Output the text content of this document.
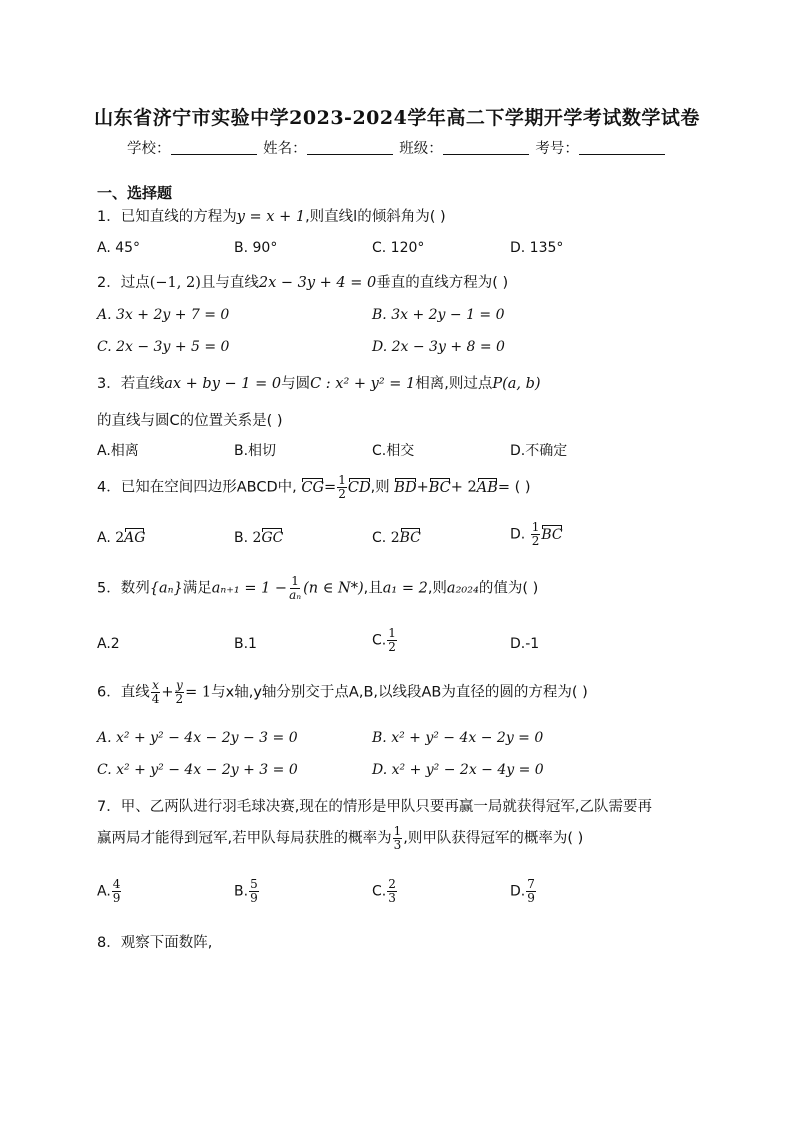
山东省济宁市实验中学2023-2024学年高二下学期开学考试数学试卷
学校：	姓名：	班级：	考号：
一、选择题
1．已知直线的方程为y = x + 1,则直线l的倾斜角为( )
A. 45°	B. 90°	C. 120°	D. 135°
2．过点(−1, 2)且与直线2x − 3y + 4 = 0垂直的直线方程为( )
A. 3x + 2y + 7 = 0	B. 3x + 2y − 1 = 0
C. 2x − 3y + 5 = 0	D. 2x − 3y + 8 = 0
3．若直线ax + by − 1 = 0与圆C : x² + y² = 1相离,则过点P(a, b)
的直线与圆C的位置关系是( )
A.相离	B.相切	C.相交	D.不确定
4．已知在空间四边形ABCD中, $CG= \frac{1}{2}$ CD,则 BD+BC+ 2AB= ( )
A. 2AG	B. 2GC	C. 2BC	D. $\frac{1}{2}$ BC
5．数列{aₙ}满足$a_{n+1} = 1 - \frac{1}{\text{aₙ}} (n$ ∈ N*),且a₁ = 2,则a₂₀₂₄的值为( )
A.2	B.1	C. $\frac{1}{2}$	D.-1
6．直线 $\frac{x}{4} + \frac{y}{2} = 1$与x轴,y轴分别交于点A,B,以线段AB为直径的圆的方程为( )
A. x² + y² − 4x − 2y − 3 = 0	B. x² + y² − 4x − 2y = 0
C. x² + y² − 4x − 2y + 3 = 0	D. x² + y² − 2x − 4y = 0
7．甲、乙两队进行羽毛球决赛,现在的情形是甲队只要再赢一局就获得冠军,乙队需要再
赢两局才能得到冠军,若甲队每局获胜的概率为 $\frac{1}{3}$ ,则甲队获得冠军的概率为( )
A. $\frac{4}{9}$	B. $\frac{5}{9}$	C. $\frac{2}{3}$	D. $\frac{7}{9}$
8．观察下面数阵,
